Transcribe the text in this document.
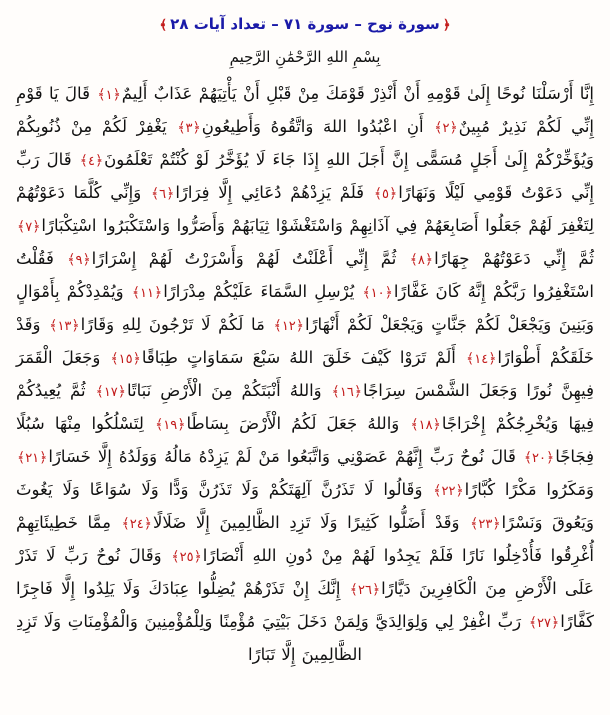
﴿سورة نوح – سورة ٧١ – تعداد آيات ٢٨﴾
بِسْمِ اللهِ الرَّحْمَٰنِ الرَّحِيمِ
إِنَّا أَرْسَلْنَا نُوحًا إِلَىٰ قَوْمِهِ أَنْ أَنْذِرْ قَوْمَكَ مِنْ قَبْلِ أَنْ يَأْتِيَهُمْ عَذَابٌ أَلِيمٌ﴿١﴾ قَالَ يَا قَوْمِ إِنِّي لَكُمْ نَذِيرٌ مُبِينٌ﴿٢﴾ أَنِ اعْبُدُوا اللهَ وَاتَّقُوهُ وَأَطِيعُونِ﴿٣﴾ يَغْفِرْ لَكُمْ مِنْ ذُنُوبِكُمْ وَيُؤَخِّرْكُمْ إِلَىٰ أَجَلٍ مُسَمًّى إِنَّ أَجَلَ اللهِ إِذَا جَاءَ لَا يُؤَخَّرُ لَوْ كُنْتُمْ تَعْلَمُونَ﴿٤﴾ قَالَ رَبِّ إِنِّي دَعَوْتُ قَوْمِي لَيْلًا وَنَهَارًا﴿٥﴾ فَلَمْ يَزِدْهُمْ دُعَائِي إِلَّا فِرَارًا﴿٦﴾ وَإِنِّي كُلَّمَا دَعَوْتُهُمْ لِتَغْفِرَ لَهُمْ جَعَلُوا أَصَابِعَهُمْ فِي آذَانِهِمْ وَاسْتَغْشَوْا ثِيَابَهُمْ وَأَصَرُّوا وَاسْتَكْبَرُوا اسْتِكْبَارًا﴿٧﴾ ثُمَّ إِنِّي دَعَوْتُهُمْ جِهَارًا﴿٨﴾ ثُمَّ إِنِّي أَعْلَنْتُ لَهُمْ وَأَسْرَرْتُ لَهُمْ إِسْرَارًا﴿٩﴾ فَقُلْتُ اسْتَغْفِرُوا رَبَّكُمْ إِنَّهُ كَانَ غَفَّارًا﴿١٠﴾ يُرْسِلِ السَّمَاءَ عَلَيْكُمْ مِدْرَارًا﴿١١﴾ وَيُمْدِدْكُمْ بِأَمْوَالٍ وَبَنِينَ وَيَجْعَلْ لَكُمْ جَنَّاتٍ وَيَجْعَلْ لَكُمْ أَنْهَارًا﴿١٢﴾ مَا لَكُمْ لَا تَرْجُونَ لِلهِ وَقَارًا﴿١٣﴾ وَقَدْ خَلَقَكُمْ أَطْوَارًا﴿١٤﴾ أَلَمْ تَرَوْا كَيْفَ خَلَقَ اللهُ سَبْعَ سَمَاوَاتٍ طِبَاقًا﴿١٥﴾ وَجَعَلَ الْقَمَرَ فِيهِنَّ نُورًا وَجَعَلَ الشَّمْسَ سِرَاجًا﴿١٦﴾ وَاللهُ أَنْبَتَكُمْ مِنَ الْأَرْضِ نَبَاتًا﴿١٧﴾ ثُمَّ يُعِيدُكُمْ فِيهَا وَيُخْرِجُكُمْ إِخْرَاجًا﴿١٨﴾ وَاللهُ جَعَلَ لَكُمُ الْأَرْضَ بِسَاطًا﴿١٩﴾ لِتَسْلُكُوا مِنْهَا سُبُلًا فِجَاجًا﴿٢٠﴾ قَالَ نُوحٌ رَبِّ إِنَّهُمْ عَصَوْنِي وَاتَّبَعُوا مَنْ لَمْ يَزِدْهُ مَالُهُ وَوَلَدُهُ إِلَّا خَسَارًا﴿٢١﴾ وَمَكَرُوا مَكْرًا كُبَّارًا﴿٢٢﴾ وَقَالُوا لَا تَذَرُنَّ آلِهَتَكُمْ وَلَا تَذَرُنَّ وَدًّا وَلَا سُوَاعًا وَلَا يَغُوثَ وَيَعُوقَ وَنَسْرًا﴿٢٣﴾ وَقَدْ أَضَلُّوا كَثِيرًا وَلَا تَزِدِ الظَّالِمِينَ إِلَّا ضَلَالًا﴿٢٤﴾ مِمَّا خَطِيئَاتِهِمْ أُغْرِقُوا فَأُدْخِلُوا نَارًا فَلَمْ يَجِدُوا لَهُمْ مِنْ دُونِ اللهِ أَنْصَارًا﴿٢٥﴾ وَقَالَ نُوحٌ رَبِّ لَا تَذَرْ عَلَى الْأَرْضِ مِنَ الْكَافِرِينَ دَيَّارًا﴿٢٦﴾ إِنَّكَ إِنْ تَذَرْهُمْ يُضِلُّوا عِبَادَكَ وَلَا يَلِدُوا إِلَّا فَاجِرًا كَفَّارًا﴿٢٧﴾ رَبِّ اغْفِرْ لِي وَلِوَالِدَيَّ وَلِمَنْ دَخَلَ بَيْتِيَ مُؤْمِنًا وَلِلْمُؤْمِنِينَ وَالْمُؤْمِنَاتِ وَلَا تَزِدِ الظَّالِمِينَ إِلَّا تَبَارًا
